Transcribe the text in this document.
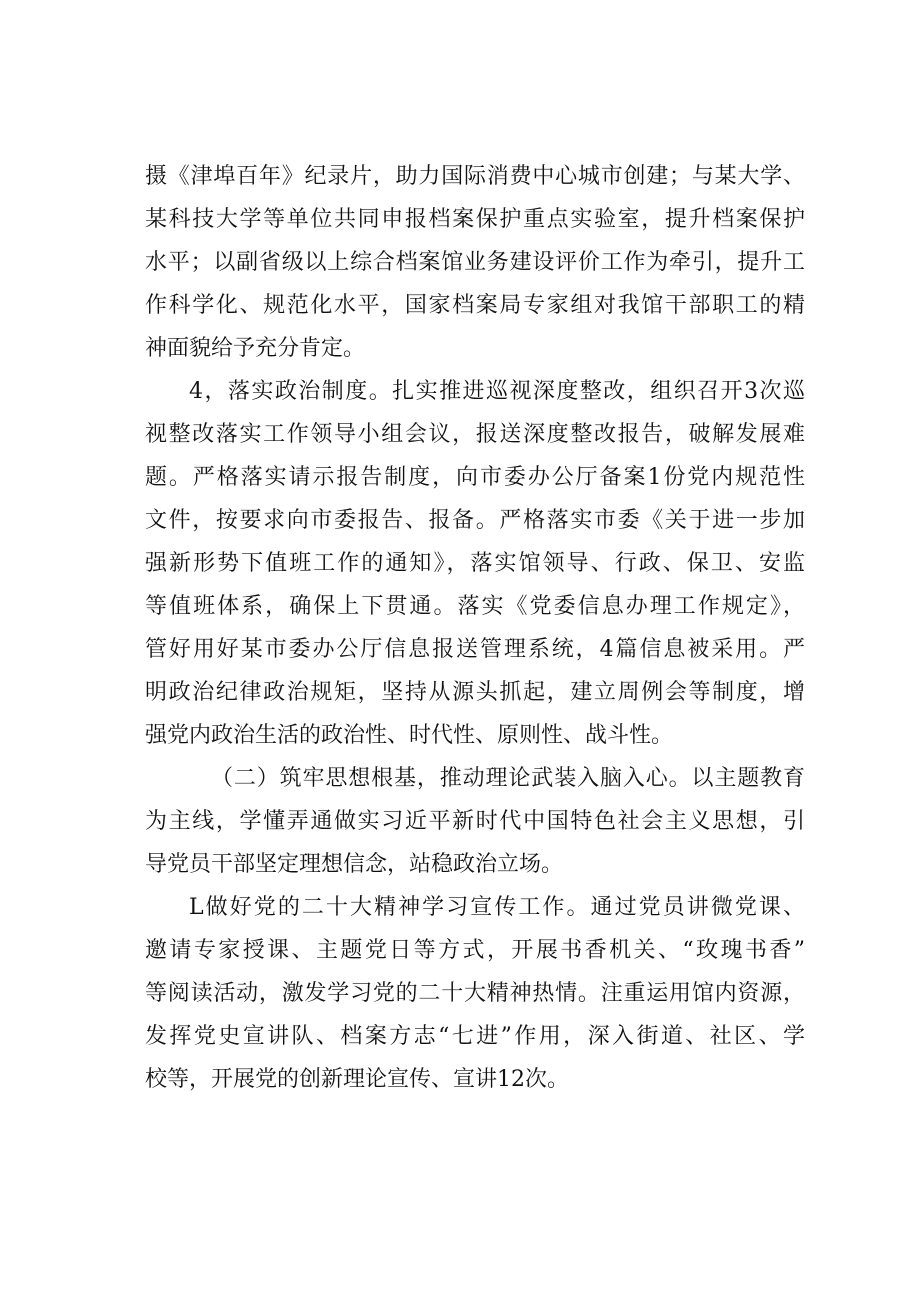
摄《津埠百年》纪录片，助力国际消费中心城市创建；与某大学、
某科技大学等单位共同申报档案保护重点实验室，提升档案保护
水平；以副省级以上综合档案馆业务建设评价工作为牵引，提升工
作科学化、规范化水平，国家档案局专家组对我馆干部职工的精
神面貌给予充分肯定。
4，落实政治制度。扎实推进巡视深度整改，组织召开3次巡
视整改落实工作领导小组会议，报送深度整改报告，破解发展难
题。严格落实请示报告制度，向市委办公厅备案1份党内规范性
文件，按要求向市委报告、报备。严格落实市委《关于进一步加
强新形势下值班工作的通知》，落实馆领导、行政、保卫、安监
等值班体系，确保上下贯通。落实《党委信息办理工作规定》，
管好用好某市委办公厅信息报送管理系统，4篇信息被采用。严
明政治纪律政治规矩，坚持从源头抓起，建立周例会等制度，增
强党内政治生活的政治性、时代性、原则性、战斗性。
（二）筑牢思想根基，推动理论武装入脑入心。以主题教育
为主线，学懂弄通做实习近平新时代中国特色社会主义思想，引
导党员干部坚定理想信念，站稳政治立场。
L做好党的二十大精神学习宣传工作。通过党员讲微党课、
邀请专家授课、主题党日等方式，开展书香机关、“玫瑰书香”
等阅读活动，激发学习党的二十大精神热情。注重运用馆内资源，
发挥党史宣讲队、档案方志“七进”作用，深入街道、社区、学
校等，开展党的创新理论宣传、宣讲12次。
